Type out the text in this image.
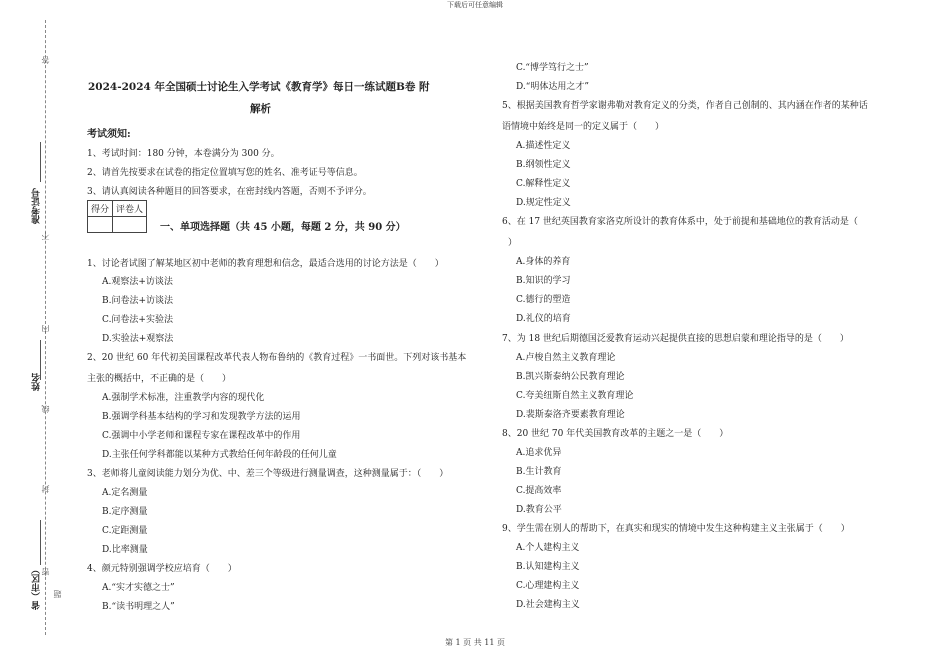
下载后可任意编辑
第 1 页 共 11 页
答
不
内
线
封
密
准考证号
姓名
省（市区） 题
2024-2024 年全国硕士讨论生入学考试《教育学》每日一练试题B卷 附
解析
考试须知:
1、考试时间：180 分钟，本卷满分为 300 分。
2、请首先按要求在试卷的指定位置填写您的姓名、准考证号等信息。
3、请认真阅读各种题目的回答要求，在密封线内答题，否则不予评分。
得分	评卷人

一、单项选择题（共 45 小题，每题 2 分，共 90 分）
1、讨论者试图了解某地区初中老师的教育理想和信念，最适合选用的讨论方法是（　　）
A.观察法+访谈法
B.问卷法+访谈法
C.问卷法+实验法
D.实验法+观察法
2、20 世纪 60 年代初美国课程改革代表人物布鲁纳的《教育过程》一书面世。下列对该书基本
主张的概括中，不正确的是（　　）
A.强制学术标准，注重教学内容的现代化
B.强调学科基本结构的学习和发现教学方法的运用
C.强调中小学老师和课程专家在课程改革中的作用
D.主张任何学科都能以某种方式教给任何年龄段的任何儿童
3、老师将儿童阅读能力划分为优、中、差三个等级进行测量调查，这种测量属于：（　　）
A.定名测量
B.定序测量
C.定距测量
D.比率测量
4、颜元特别强调学校应培育（　　）
A.“实才实德之士”
B.“读书明理之人”
C.“博学笃行之士”
D.“明体达用之才”
5、根据美国教育哲学家谢弗勒对教育定义的分类，作者自己创制的、其内涵在作者的某种话
语情境中始终是同一的定义属于（　　）
A.描述性定义
B.纲领性定义
C.解释性定义
D.规定性定义
6、在 17 世纪英国教育家洛克所设计的教育体系中，处于前提和基础地位的教育活动是（
）
A.身体的养育
B.知识的学习
C.德行的塑造
D.礼仪的培育
7、为 18 世纪后期德国泛爱教育运动兴起提供直接的思想启蒙和理论指导的是（　　）
A.卢梭自然主义教育理论
B.凯兴斯泰纳公民教育理论
C.夸美纽斯自然主义教育理论
D.裴斯泰洛齐要素教育理论
8、20 世纪 70 年代美国教育改革的主题之一是（　　）
A.追求优异
B.生计教育
C.提高效率
D.教育公平
9、学生需在别人的帮助下，在真实和现实的情境中发生这种构建主义主张属于（　　）
A.个人建构主义
B.认知建构主义
C.心理建构主义
D.社会建构主义
